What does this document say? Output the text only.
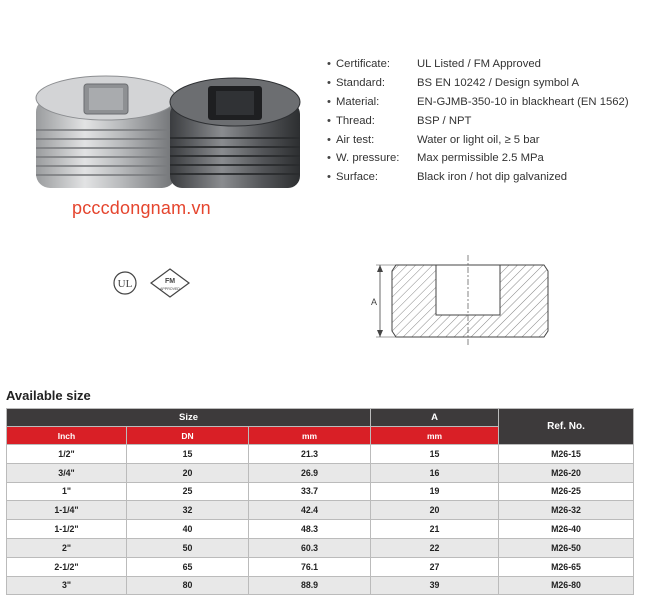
• Certificate:	UL Listed / FM Approved
• Standard:	BS EN 10242 / Design symbol A
• Material:	EN-GJMB-350-10 in blackheart (EN 1562)
• Thread:	BSP / NPT
• Air test:	Water or light oil, ≥ 5 bar
• W. pressure:	Max permissible 2.5 MPa
• Surface:	Black iron / hot dip galvanized
pcccdongnam.vn
UL	FM
APPROVED
A
Available size
Size			A	Ref. No.
Inch	DN	mm	mm	
1/2"	15	21.3	15	M26-15
3/4"	20	26.9	16	M26-20
1"	25	33.7	19	M26-25
1-1/4"	32	42.4	20	M26-32
1-1/2"	40	48.3	21	M26-40
2"	50	60.3	22	M26-50
2-1/2"	65	76.1	27	M26-65
3"	80	88.9	39	M26-80
